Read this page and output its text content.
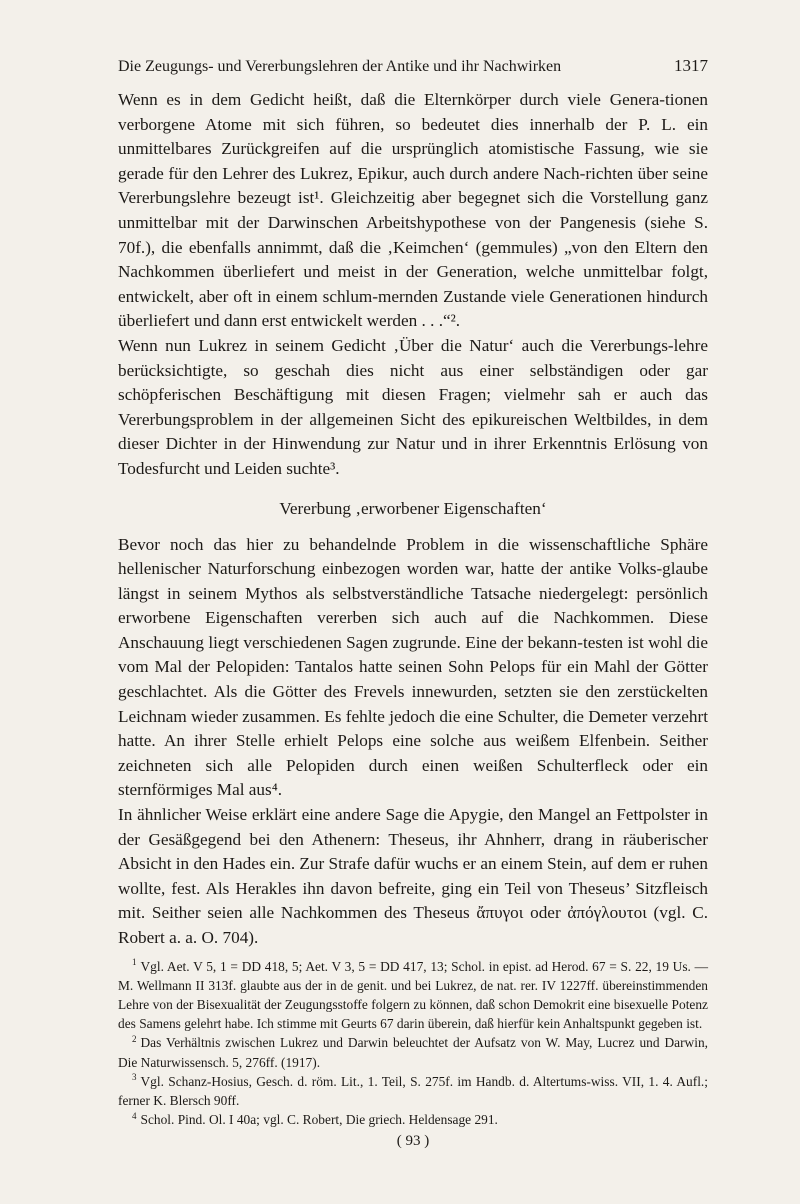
Die Zeugungs- und Vererbungslehren der Antike und ihr Nachwirken	1317

Wenn es in dem Gedicht heißt, daß die Elternkörper durch viele Genera-tionen verborgene Atome mit sich führen, so bedeutet dies innerhalb der P. L. ein unmittelbares Zurückgreifen auf die ursprünglich atomistische Fassung, wie sie gerade für den Lehrer des Lukrez, Epikur, auch durch andere Nach-richten über seine Vererbungslehre bezeugt ist¹. Gleichzeitig aber begegnet sich die Vorstellung ganz unmittelbar mit der Darwinschen Arbeitshypothese von der Pangenesis (siehe S. 70f.), die ebenfalls annimmt, daß die ‚Keimchen‘ (gemmules) „von den Eltern den Nachkommen überliefert und meist in der Generation, welche unmittelbar folgt, entwickelt, aber oft in einem schlum-mernden Zustande viele Generationen hindurch überliefert und dann erst entwickelt werden . . .“².

Wenn nun Lukrez in seinem Gedicht ‚Über die Natur‘ auch die Vererbungs-lehre berücksichtigte, so geschah dies nicht aus einer selbständigen oder gar schöpferischen Beschäftigung mit diesen Fragen; vielmehr sah er auch das Vererbungsproblem in der allgemeinen Sicht des epikureischen Weltbildes, in dem dieser Dichter in der Hinwendung zur Natur und in ihrer Erkenntnis Erlösung von Todesfurcht und Leiden suchte³.

Vererbung ‚erworbener Eigenschaften‘

Bevor noch das hier zu behandelnde Problem in die wissenschaftliche Sphäre hellenischer Naturforschung einbezogen worden war, hatte der antike Volks-glaube längst in seinem Mythos als selbstverständliche Tatsache niedergelegt: persönlich erworbene Eigenschaften vererben sich auch auf die Nachkommen. Diese Anschauung liegt verschiedenen Sagen zugrunde. Eine der bekann-testen ist wohl die vom Mal der Pelopiden: Tantalos hatte seinen Sohn Pelops für ein Mahl der Götter geschlachtet. Als die Götter des Frevels innewurden, setzten sie den zerstückelten Leichnam wieder zusammen. Es fehlte jedoch die eine Schulter, die Demeter verzehrt hatte. An ihrer Stelle erhielt Pelops eine solche aus weißem Elfenbein. Seither zeichneten sich alle Pelopiden durch einen weißen Schulterfleck oder ein sternförmiges Mal aus⁴.

In ähnlicher Weise erklärt eine andere Sage die Apygie, den Mangel an Fettpolster in der Gesäßgegend bei den Athenern: Theseus, ihr Ahnherr, drang in räuberischer Absicht in den Hades ein. Zur Strafe dafür wuchs er an einem Stein, auf dem er ruhen wollte, fest. Als Herakles ihn davon befreite, ging ein Teil von Theseus’ Sitzfleisch mit. Seither seien alle Nachkommen des Theseus ἄπυγοι oder ἀπόγλουτοι (vgl. C. Robert a. a. O. 704).

$^1$ Vgl. Aet. V 5, 1 = DD 418, 5; Aet. V 3, 5 = DD 417, 13; Schol. in epist. ad Herod. 67 = S. 22, 19 Us. — M. Wellmann II 313f. glaubte aus der in de genit. und bei Lukrez, de nat. rer. IV 1227ff. übereinstimmenden Lehre von der Bisexualität der Zeugungsstoffe folgern zu können, daß schon Demokrit eine bisexuelle Potenz des Samens gelehrt habe. Ich stimme mit Geurts 67 darin überein, daß hierfür kein Anhaltspunkt gegeben ist.

$^2$ Das Verhältnis zwischen Lukrez und Darwin beleuchtet der Aufsatz von W. May, Lucrez und Darwin, Die Naturwissensch. 5, 276ff. (1917).

$^3$ Vgl. Schanz-Hosius, Gesch. d. röm. Lit., 1. Teil, S. 275f. im Handb. d. Altertums-wiss. VII, 1. 4. Aufl.; ferner K. Blersch 90ff.

$^4$ Schol. Pind. Ol. I 40a; vgl. C. Robert, Die griech. Heldensage 291.

( 93 )
